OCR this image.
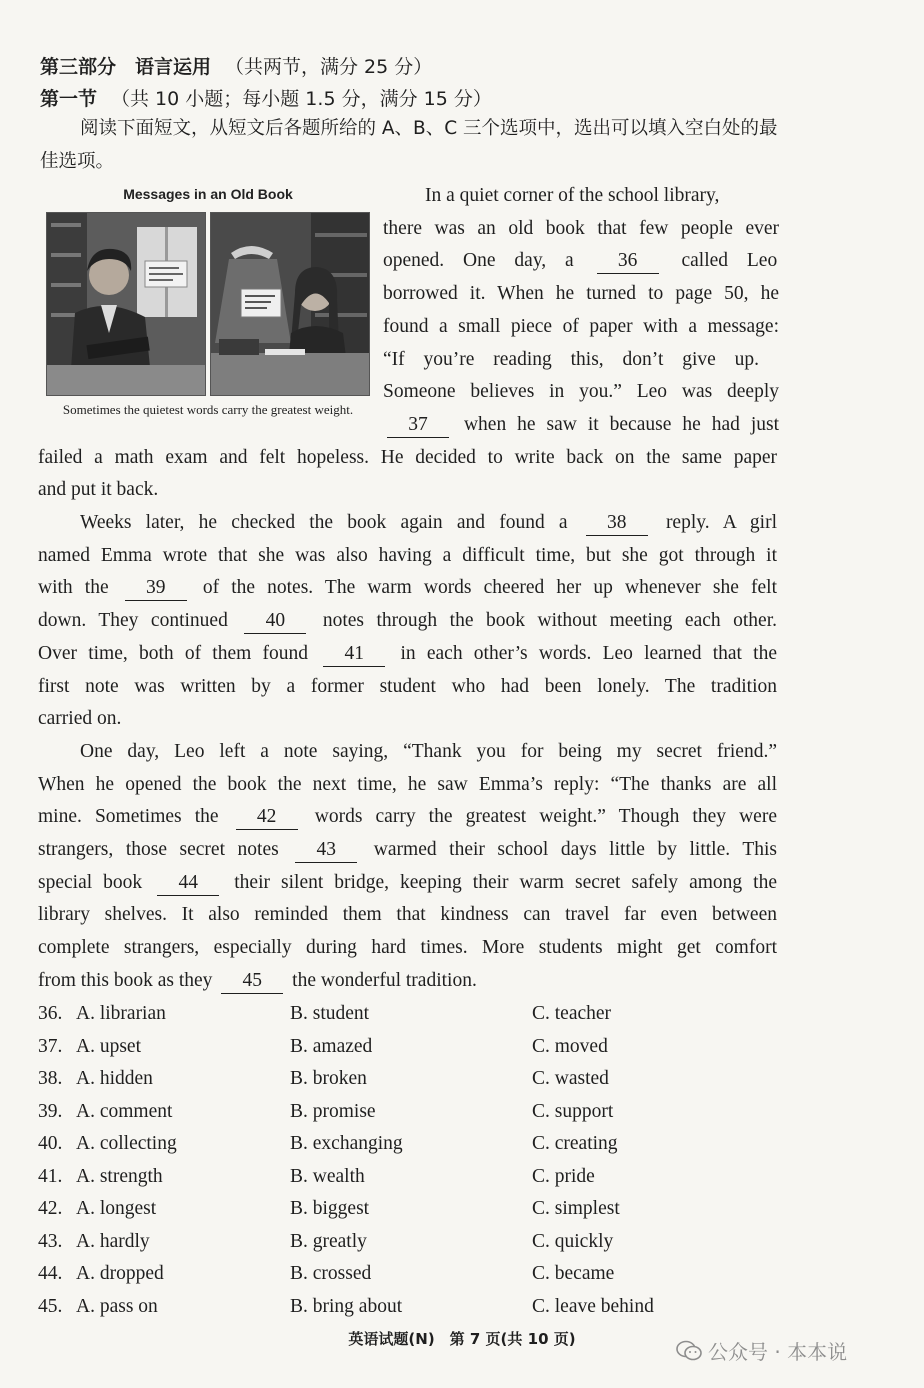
第三部分　语言运用 （共两节，满分 25 分）
第一节 （共 10 小题；每小题 1.5 分，满分 15 分）
阅读下面短文，从短文后各题所给的 A、B、C 三个选项中，选出可以填入空白处的最佳选项。
Messages in an Old Book
Sometimes the quietest words carry the greatest weight.
In a quiet corner of the school library,
there was an old book that few people ever
opened. One day, a 36 called Leo
borrowed it. When he turned to page 50, he
found a small piece of paper with a message:
“If you’re reading this, don’t give up.
Someone believes in you.” Leo was deeply
37 when he saw it because he had just
failed a math exam and felt hopeless. He decided to write back on the same paper
and put it back.
Weeks later, he checked the book again and found a 38 reply. A girl
named Emma wrote that she was also having a difficult time, but she got through it
with the 39 of the notes. The warm words cheered her up whenever she felt
down. They continued 40 notes through the book without meeting each other.
Over time, both of them found 41 in each other’s words. Leo learned that the
first note was written by a former student who had been lonely. The tradition
carried on.
One day, Leo left a note saying, “Thank you for being my secret friend.”
When he opened the book the next time, he saw Emma’s reply: “The thanks are all
mine. Sometimes the 42 words carry the greatest weight.” Though they were
strangers, those secret notes 43 warmed their school days little by little. This
special book 44 their silent bridge, keeping their warm secret safely among the
library shelves. It also reminded them that kindness can travel far even between
complete strangers, especially during hard times. More students might get comfort
from this book as they 45 the wonderful tradition.
36. A. librarian	B. student	C. teacher
37. A. upset	B. amazed	C. moved
38. A. hidden	B. broken	C. wasted
39. A. comment	B. promise	C. support
40. A. collecting	B. exchanging	C. creating
41. A. strength	B. wealth	C. pride
42. A. longest	B. biggest	C. simplest
43. A. hardly	B. greatly	C. quickly
44. A. dropped	B. crossed	C. became
45. A. pass on	B. bring about	C. leave behind
英语试题(N)　第 7 页(共 10 页)
公众号 · 本本说
